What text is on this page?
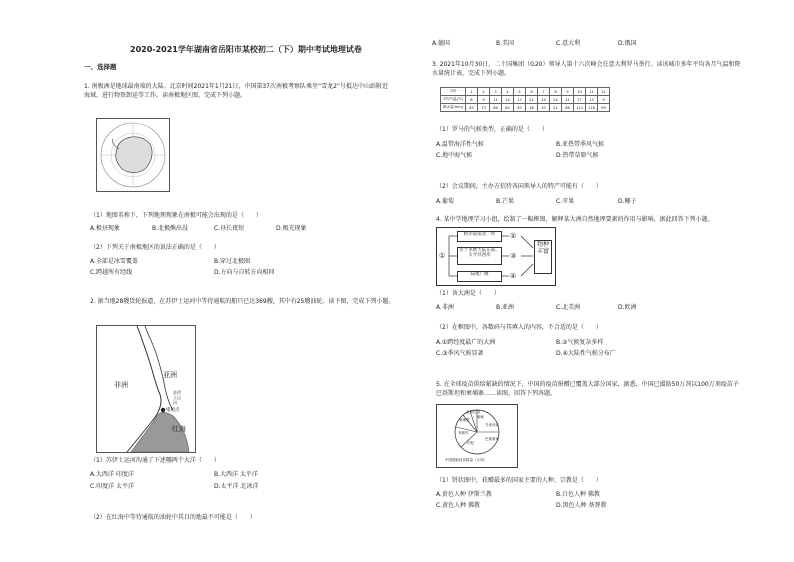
2020-2021学年湖南省岳阳市某校初二（下）期中考试地理试卷
一、选择题
1. 南极洲是地球最南端的大陆。北京时间2021年1月21日，中国第37次南极考察队乘坐“雪龙2”号抵达中山站附近海域，进行物资卸运等工作。读南极地区图，完成下列小题。
（1）地图名称下，下列地理现象在南极可能会出现的是（　　）
A.极昼现象	B.北极熊出没	C.昼长夜短	D.极光现象
（2）下列关于南极地区的说法正确的是（　　）
A.全部是冰雪覆盖	B.穿过北极圈
C.跨越所有经线	D.方向与自转方向相同
2. 据当地28艘货轮报道，在苏伊士运河中等待通航的船只已达369艘，其中有25艘油轮。读下图，完成下列小题。
非洲
亚洲
红海
苏伊士运河
堵船点
（1）苏伊士运河沟通了下述哪两个大洋（　　）
A.大西洋 印度洋	B.大西洋 太平洋
C.印度洋 太平洋	D.太平洋 北冰洋
（2）在红海中等待通航的油轮中其目的地最不可能是（　　）
A.德国	B.美国	C.意大利	D.俄国
3. 2021年10月30日，二十国集团（G20）领导人第十六次峰会在意大利罗马举行。读该城市多年平均各月气温和降水量统计表，完成下列小题。
月份	1	2	3	4	5	6	7	8	9	10	11	12
平均气温(℃)	8	9	11	14	17	22	24	24	21	17	13	9
降水量(mm)	83	73	66	62	50	18	10	22	68	113	116	99
（1）罗马的气候类型，正确的是（　　）
A.温带海洋性气候	B.亚热带季风气候
C.地中海气候	D.热带草原气候
（2）会议期间，主办方招待各国领导人的特产可能有（　　）
A.葡萄	B.芒果	C.苹果	D.椰子
4. 某中学地理学习小组，绘制了一幅框图，解释某大洲自然地理要素的作用与影响，据此回答下列小题。
①
跨赤道南北一带
位于亚欧大陆东部，太平洋西岸
陆地广阔
②
③
④
物种丰富
（1）该大洲是（　　）
A.非洲	B.亚洲	C.北美洲	D.欧洲
（2）在框图中，各数码与其填入的内容，不合适的是（　　）
A.①跨经度最广的大洲	B.②气候复杂多样
C.③季风气候显著	D.④大陆性气候分布广
5. 在全球疫苗供给紧缺的情况下，中国的疫苗捐赠已覆盖大部分国家，据悉，中国已援助50万剂以100万剂疫苗予巴基斯坦和柬埔寨……读图，回答下列各题。
孟加拉国
柬埔寨
菲律宾
印尼
缅甸
巴基斯坦
马来西亚
中国援助疫苗数量（万剂）
（1）饼状图中，获赠最多的国家主要的人种、宗教是（　　）
A.黄色人种 伊斯兰教	B.白色人种 佛教
C.黄色人种 佛教	D.黑色人种 基督教
